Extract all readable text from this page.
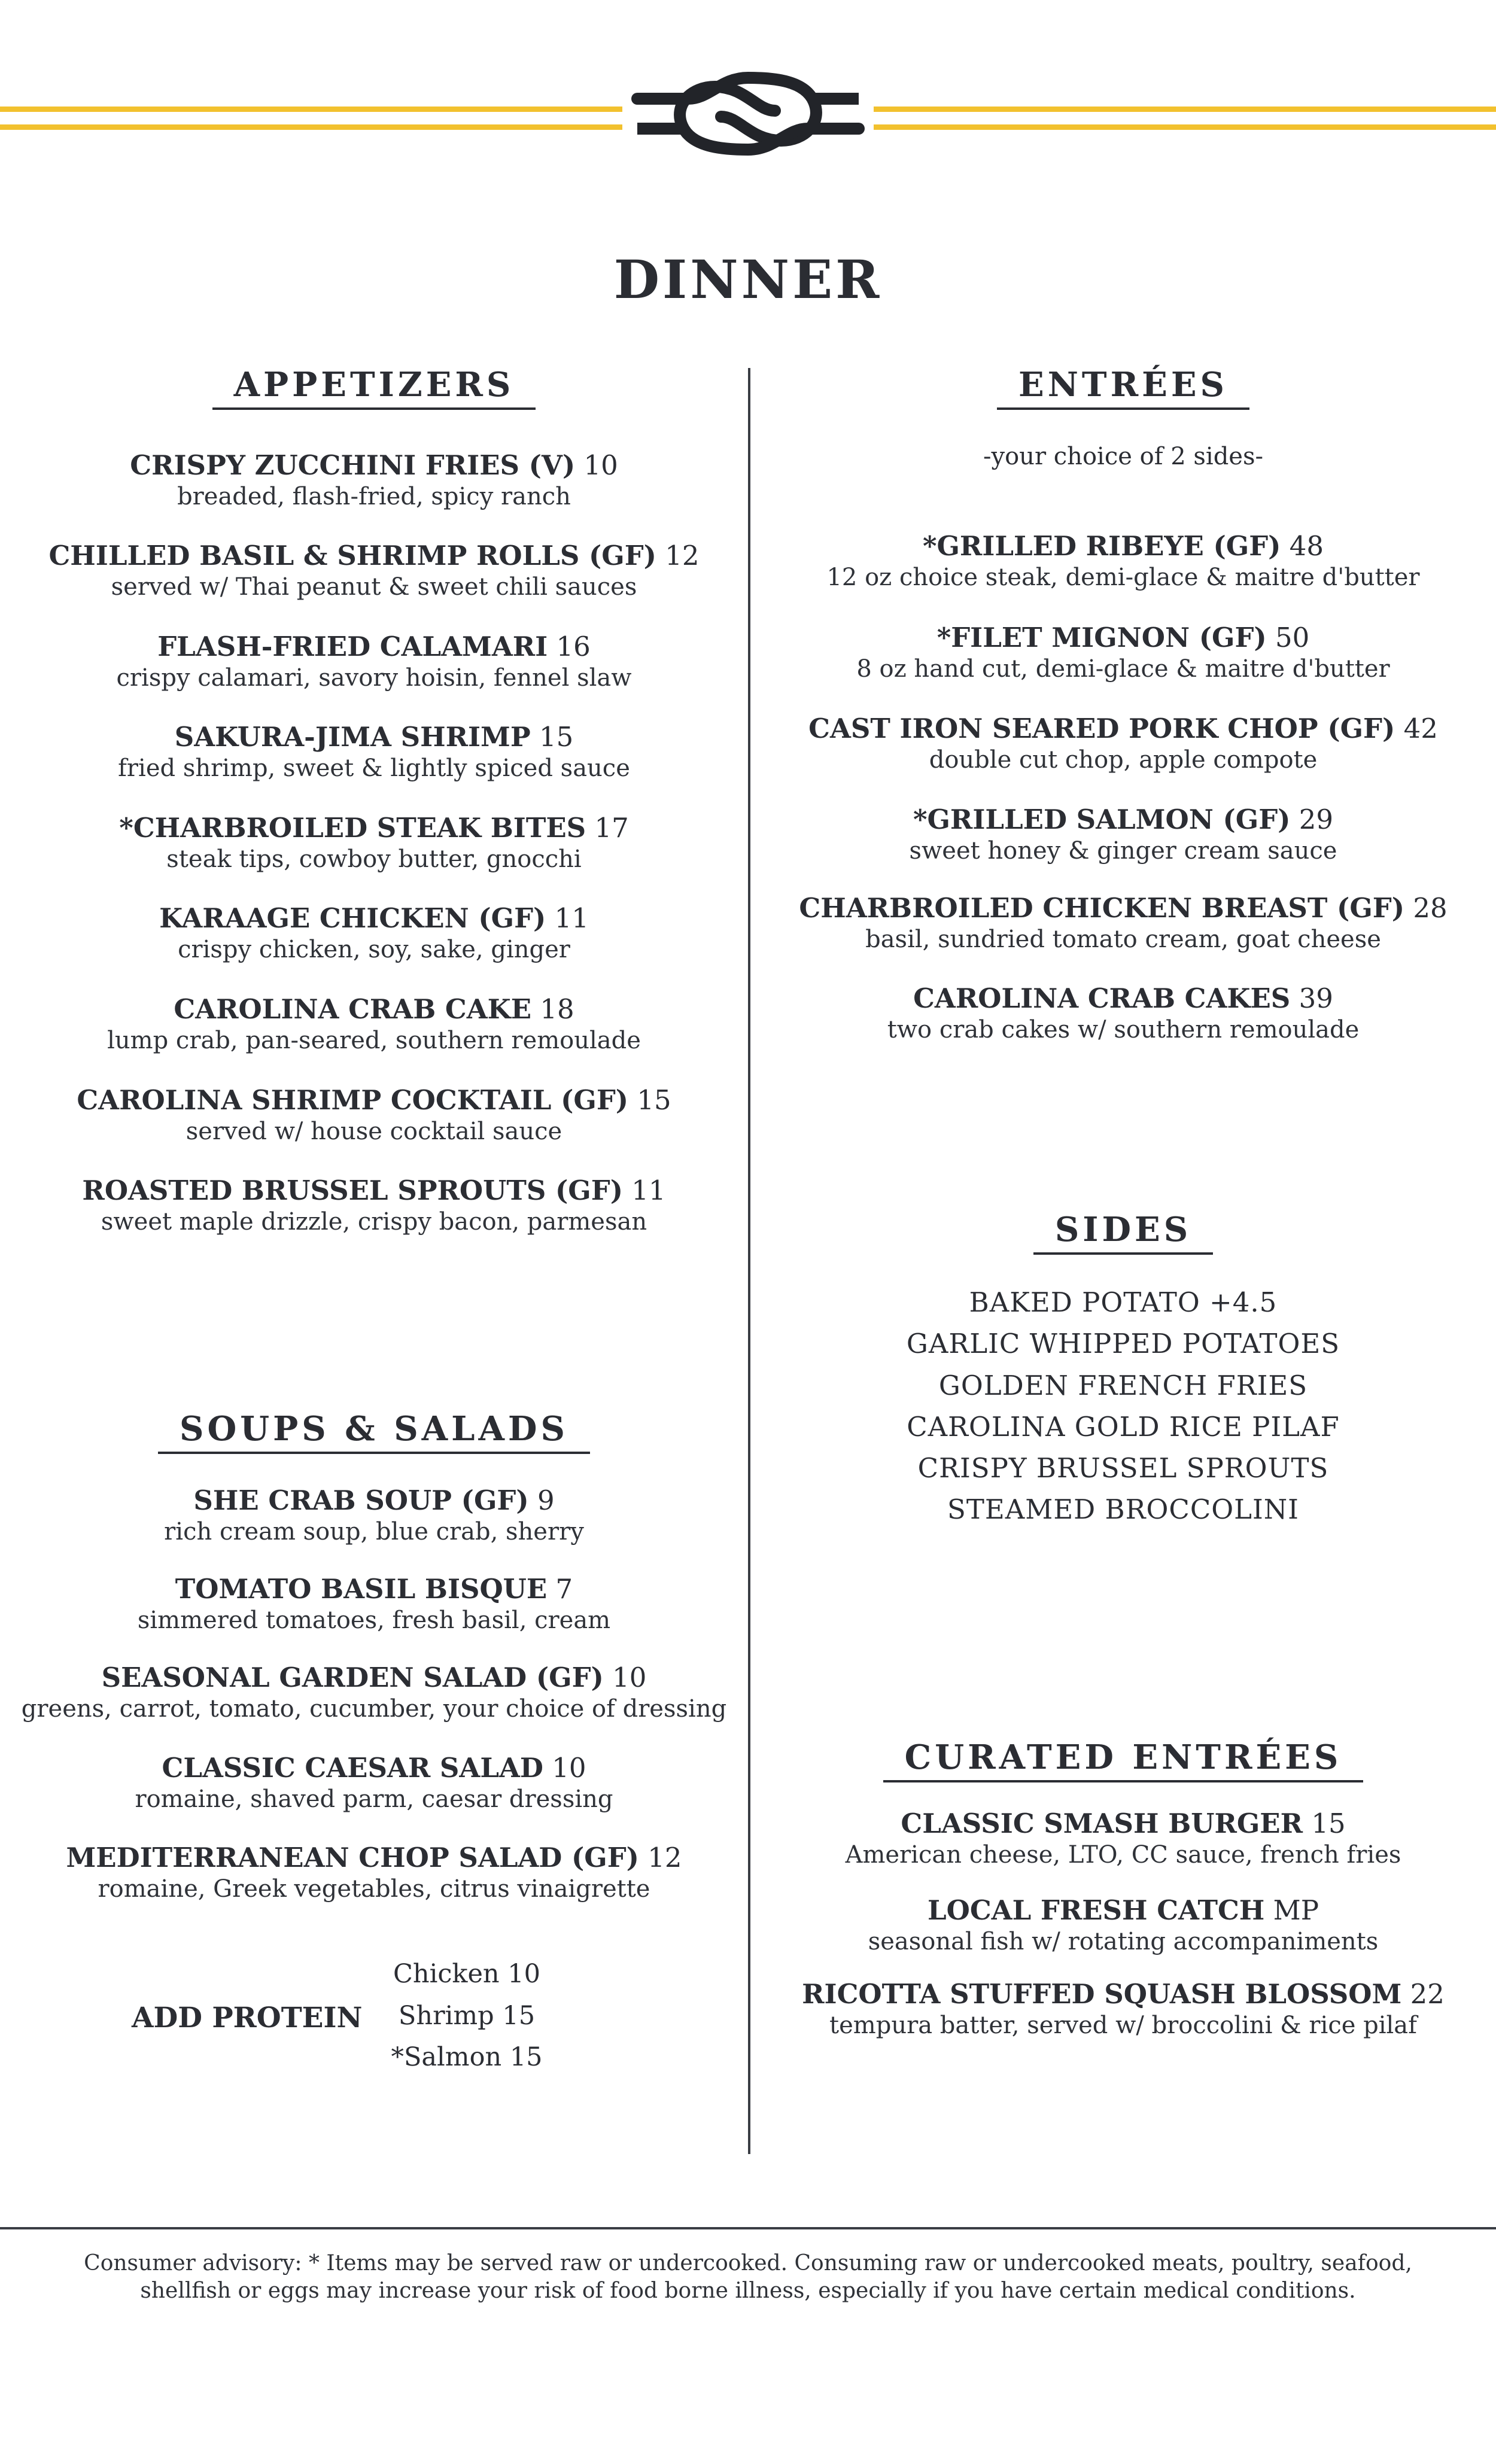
DINNER
APPETIZERS
CRISPY ZUCCHINI FRIES (V) 10
breaded, flash-fried, spicy ranch
CHILLED BASIL & SHRIMP ROLLS (GF) 12
served w/ Thai peanut & sweet chili sauces
FLASH-FRIED CALAMARI 16
crispy calamari, savory hoisin, fennel slaw
SAKURA-JIMA SHRIMP 15
fried shrimp, sweet & lightly spiced sauce
*CHARBROILED STEAK BITES 17
steak tips, cowboy butter, gnocchi
KARAAGE CHICKEN (GF) 11
crispy chicken, soy, sake, ginger
CAROLINA CRAB CAKE 18
lump crab, pan-seared, southern remoulade
CAROLINA SHRIMP COCKTAIL (GF) 15
served w/ house cocktail sauce
ROASTED BRUSSEL SPROUTS (GF) 11
sweet maple drizzle, crispy bacon, parmesan
SOUPS & SALADS
SHE CRAB SOUP (GF) 9
rich cream soup, blue crab, sherry
TOMATO BASIL BISQUE 7
simmered tomatoes, fresh basil, cream
SEASONAL GARDEN SALAD (GF) 10
greens, carrot, tomato, cucumber, your choice of dressing
CLASSIC CAESAR SALAD 10
romaine, shaved parm, caesar dressing
MEDITERRANEAN CHOP SALAD (GF) 12
romaine, Greek vegetables, citrus vinaigrette
ADD PROTEIN
Chicken 10
Shrimp 15
*Salmon 15
ENTRÉES
-your choice of 2 sides-
*GRILLED RIBEYE (GF) 48
12 oz choice steak, demi-glace & maitre d'butter
*FILET MIGNON (GF) 50
8 oz hand cut, demi-glace & maitre d'butter
CAST IRON SEARED PORK CHOP (GF) 42
double cut chop, apple compote
*GRILLED SALMON (GF) 29
sweet honey & ginger cream sauce
CHARBROILED CHICKEN BREAST (GF) 28
basil, sundried tomato cream, goat cheese
CAROLINA CRAB CAKES 39
two crab cakes w/ southern remoulade
SIDES
BAKED POTATO +4.5
GARLIC WHIPPED POTATOES
GOLDEN FRENCH FRIES
CAROLINA GOLD RICE PILAF
CRISPY BRUSSEL SPROUTS
STEAMED BROCCOLINI
CURATED ENTRÉES
CLASSIC SMASH BURGER 15
American cheese, LTO, CC sauce, french fries
LOCAL FRESH CATCH MP
seasonal fish w/ rotating accompaniments
RICOTTA STUFFED SQUASH BLOSSOM 22
tempura batter, served w/ broccolini & rice pilaf
Consumer advisory: * Items may be served raw or undercooked. Consuming raw or undercooked meats, poultry, seafood,
shellfish or eggs may increase your risk of food borne illness, especially if you have certain medical conditions.
